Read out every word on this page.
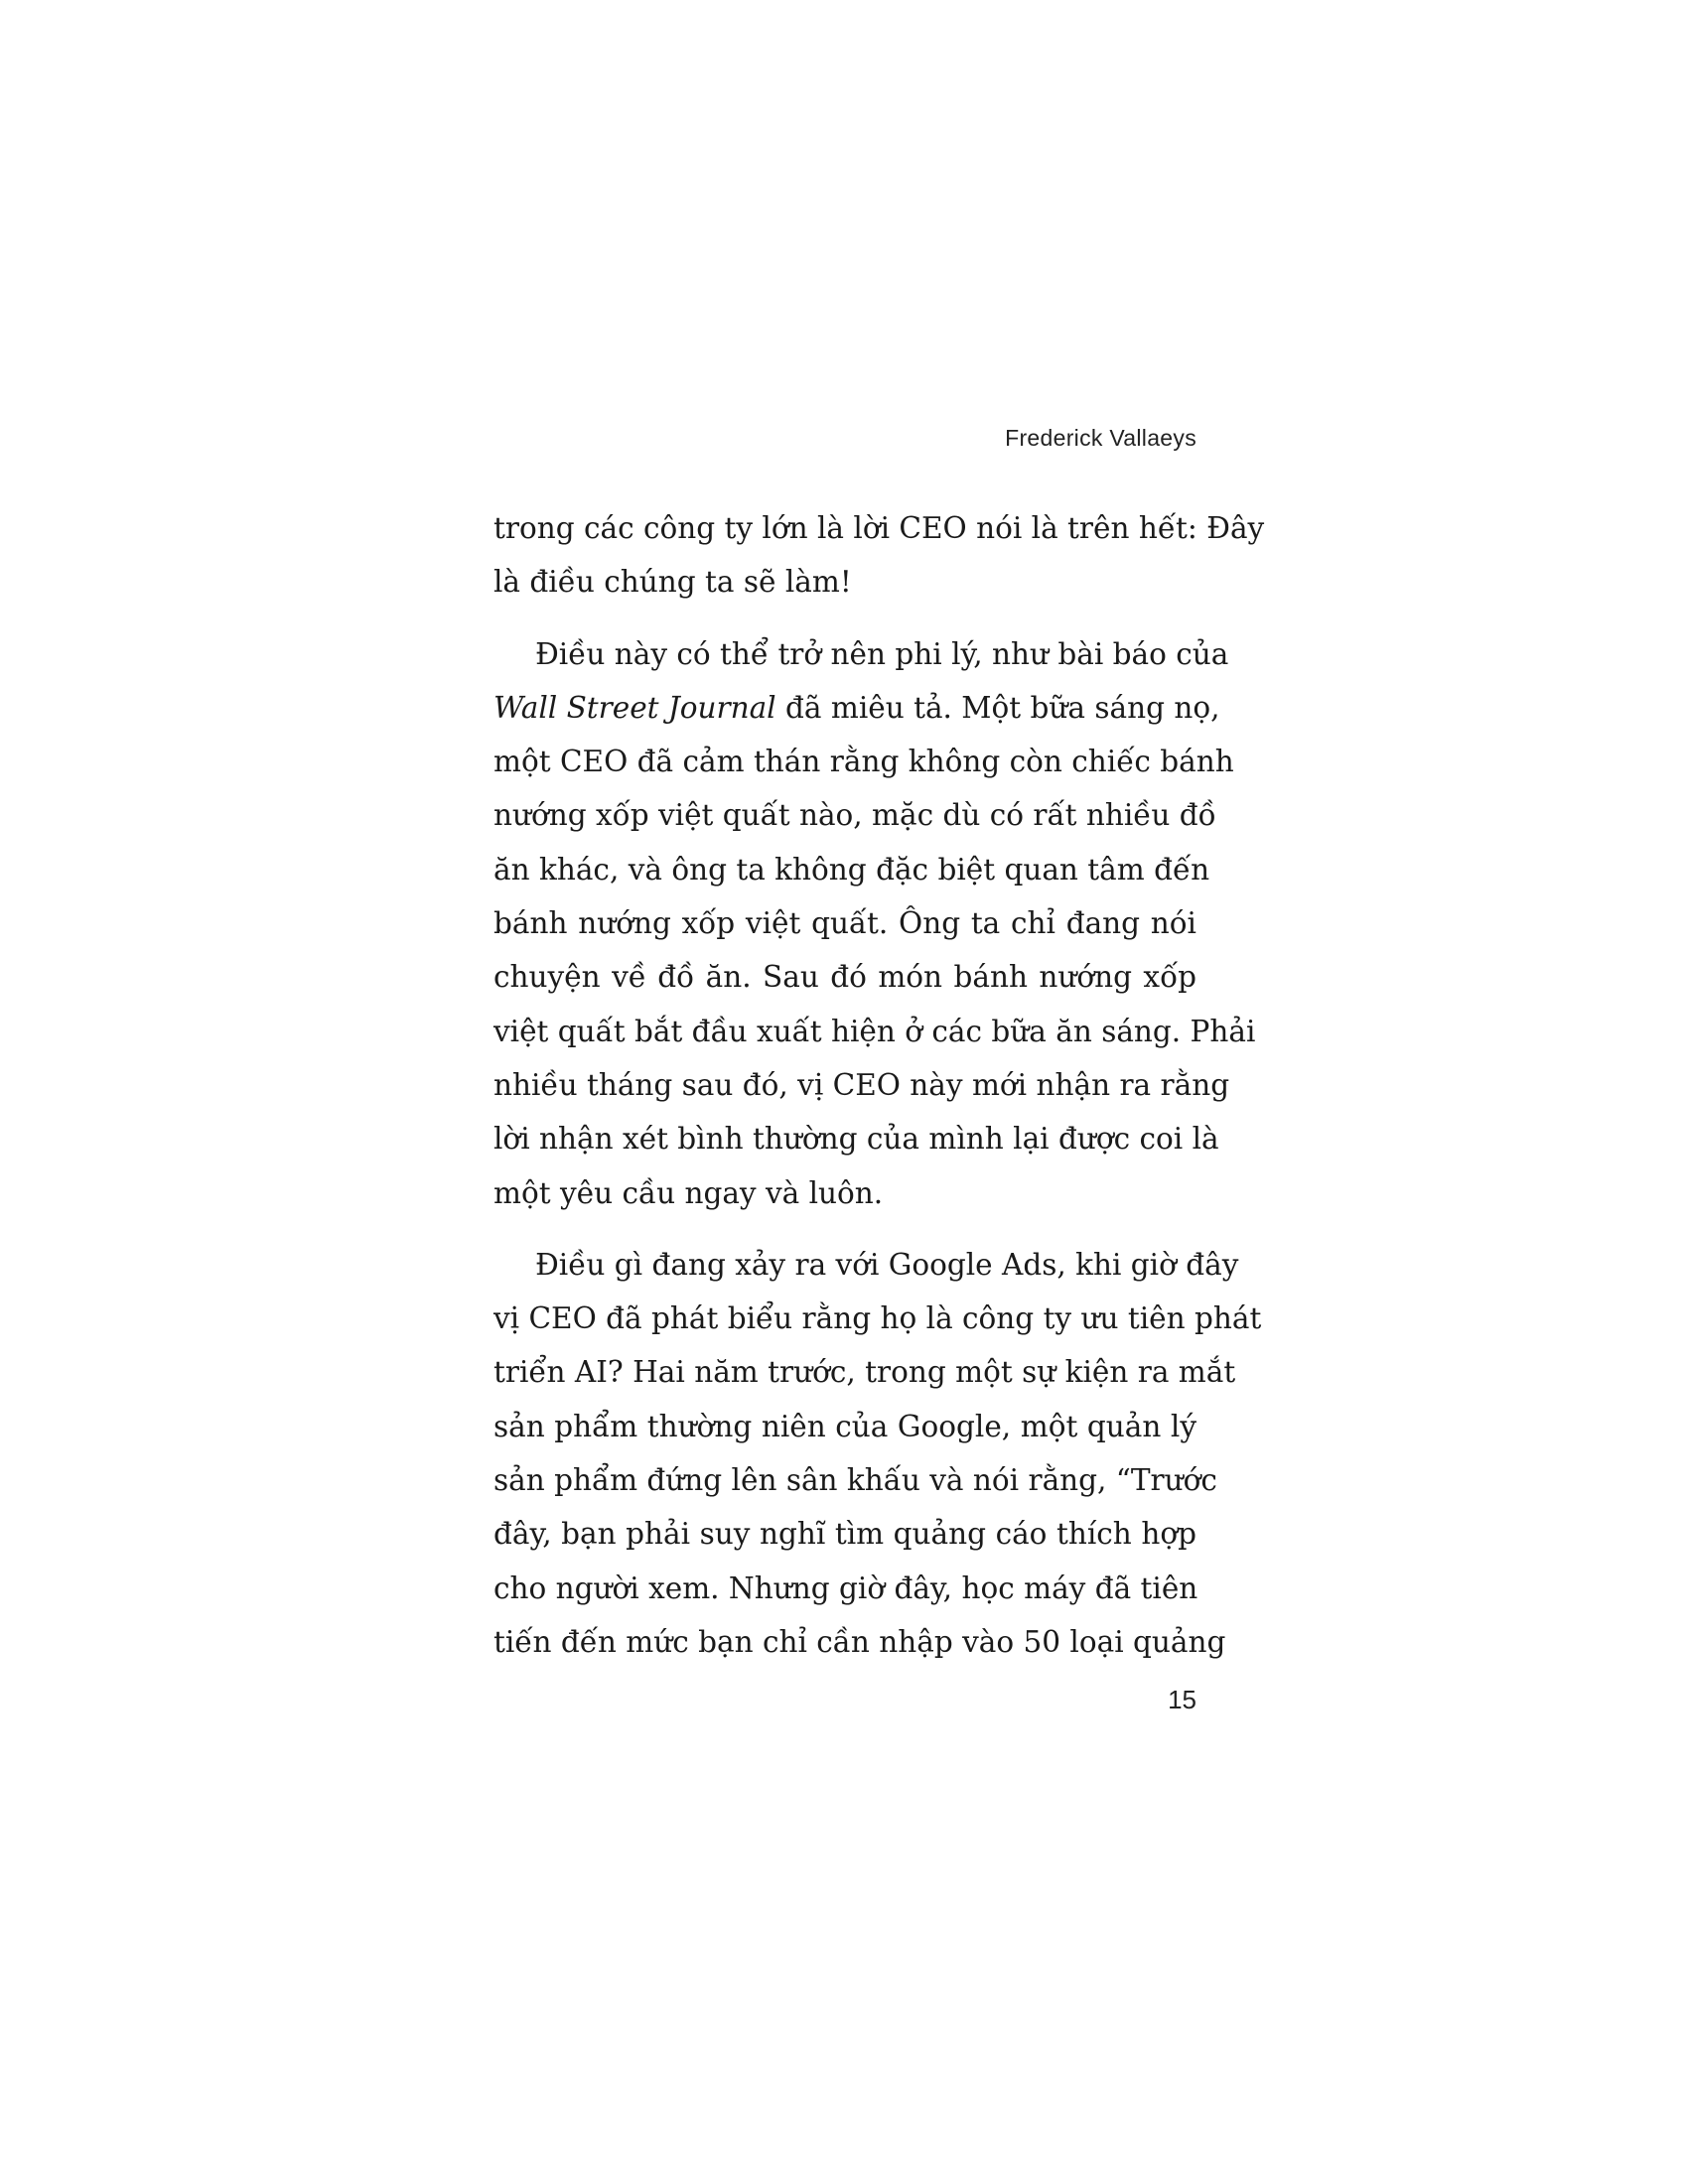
Frederick Vallaeys

trong các công ty lớn là lời CEO nói là trên hết: Đây
là điều chúng ta sẽ làm!

Điều này có thể trở nên phi lý, như bài báo của
Wall Street Journal đã miêu tả. Một bữa sáng nọ,
một CEO đã cảm thán rằng không còn chiếc bánh
nướng xốp việt quất nào, mặc dù có rất nhiều đồ
ăn khác, và ông ta không đặc biệt quan tâm đến
bánh nướng xốp việt quất. Ông ta chỉ đang nói
chuyện về đồ ăn. Sau đó món bánh nướng xốp
việt quất bắt đầu xuất hiện ở các bữa ăn sáng. Phải
nhiều tháng sau đó, vị CEO này mới nhận ra rằng
lời nhận xét bình thường của mình lại được coi là
một yêu cầu ngay và luôn.

Điều gì đang xảy ra với Google Ads, khi giờ đây
vị CEO đã phát biểu rằng họ là công ty ưu tiên phát
triển AI? Hai năm trước, trong một sự kiện ra mắt
sản phẩm thường niên của Google, một quản lý
sản phẩm đứng lên sân khấu và nói rằng, “Trước
đây, bạn phải suy nghĩ tìm quảng cáo thích hợp
cho người xem. Nhưng giờ đây, học máy đã tiên
tiến đến mức bạn chỉ cần nhập vào 50 loại quảng

15
